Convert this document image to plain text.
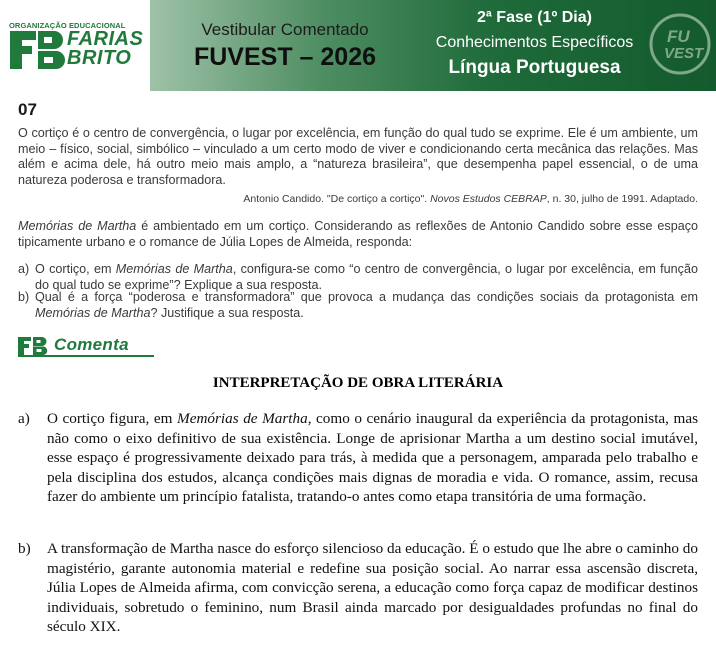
ORGANIZAÇÃO EDUCACIONAL
FARIAS
BRITO
Vestibular Comentado
FUVEST – 2026
2ª Fase (1º Dia)
Conhecimentos Específicos
Língua Portuguesa
FU
VEST
07
O cortiço é o centro de convergência, o lugar por excelência, em função do qual tudo se exprime. Ele é um ambiente, um meio – físico, social, simbólico – vinculado a um certo modo de viver e condicionando certa mecânica das relações. Mas além e acima dele, há outro meio mais amplo, a “natureza brasileira”, que desempenha papel essencial, o de uma natureza poderosa e transformadora.
Antonio Candido. "De cortiço a cortiço". Novos Estudos CEBRAP, n. 30, julho de 1991. Adaptado.
Memórias de Martha é ambientado em um cortiço. Considerando as reflexões de Antonio Candido sobre esse espaço tipicamente urbano e o romance de Júlia Lopes de Almeida, responda:
a) O cortiço, em Memórias de Martha, configura-se como “o centro de convergência, o lugar por excelência, em função do qual tudo se exprime”? Explique a sua resposta.
b) Qual é a força “poderosa e transformadora” que provoca a mudança das condições sociais da protagonista em Memórias de Martha? Justifique a sua resposta.
Comenta
INTERPRETAÇÃO DE OBRA LITERÁRIA
a)	O cortiço figura, em Memórias de Martha, como o cenário inaugural da experiência da protagonista, mas não como o eixo definitivo de sua existência. Longe de aprisionar Martha a um destino social imutável, esse espaço é progressivamente deixado para trás, à medida que a personagem, amparada pelo trabalho e pela disciplina dos estudos, alcança condições mais dignas de moradia e vida. O romance, assim, recusa fazer do ambiente um princípio fatalista, tratando-o antes como etapa transitória de uma formação.
b)	A transformação de Martha nasce do esforço silencioso da educação. É o estudo que lhe abre o caminho do magistério, garante autonomia material e redefine sua posição social. Ao narrar essa ascensão discreta, Júlia Lopes de Almeida afirma, com convicção serena, a educação como força capaz de modificar destinos individuais, sobretudo o feminino, num Brasil ainda marcado por desigualdades profundas no final do século XIX.
